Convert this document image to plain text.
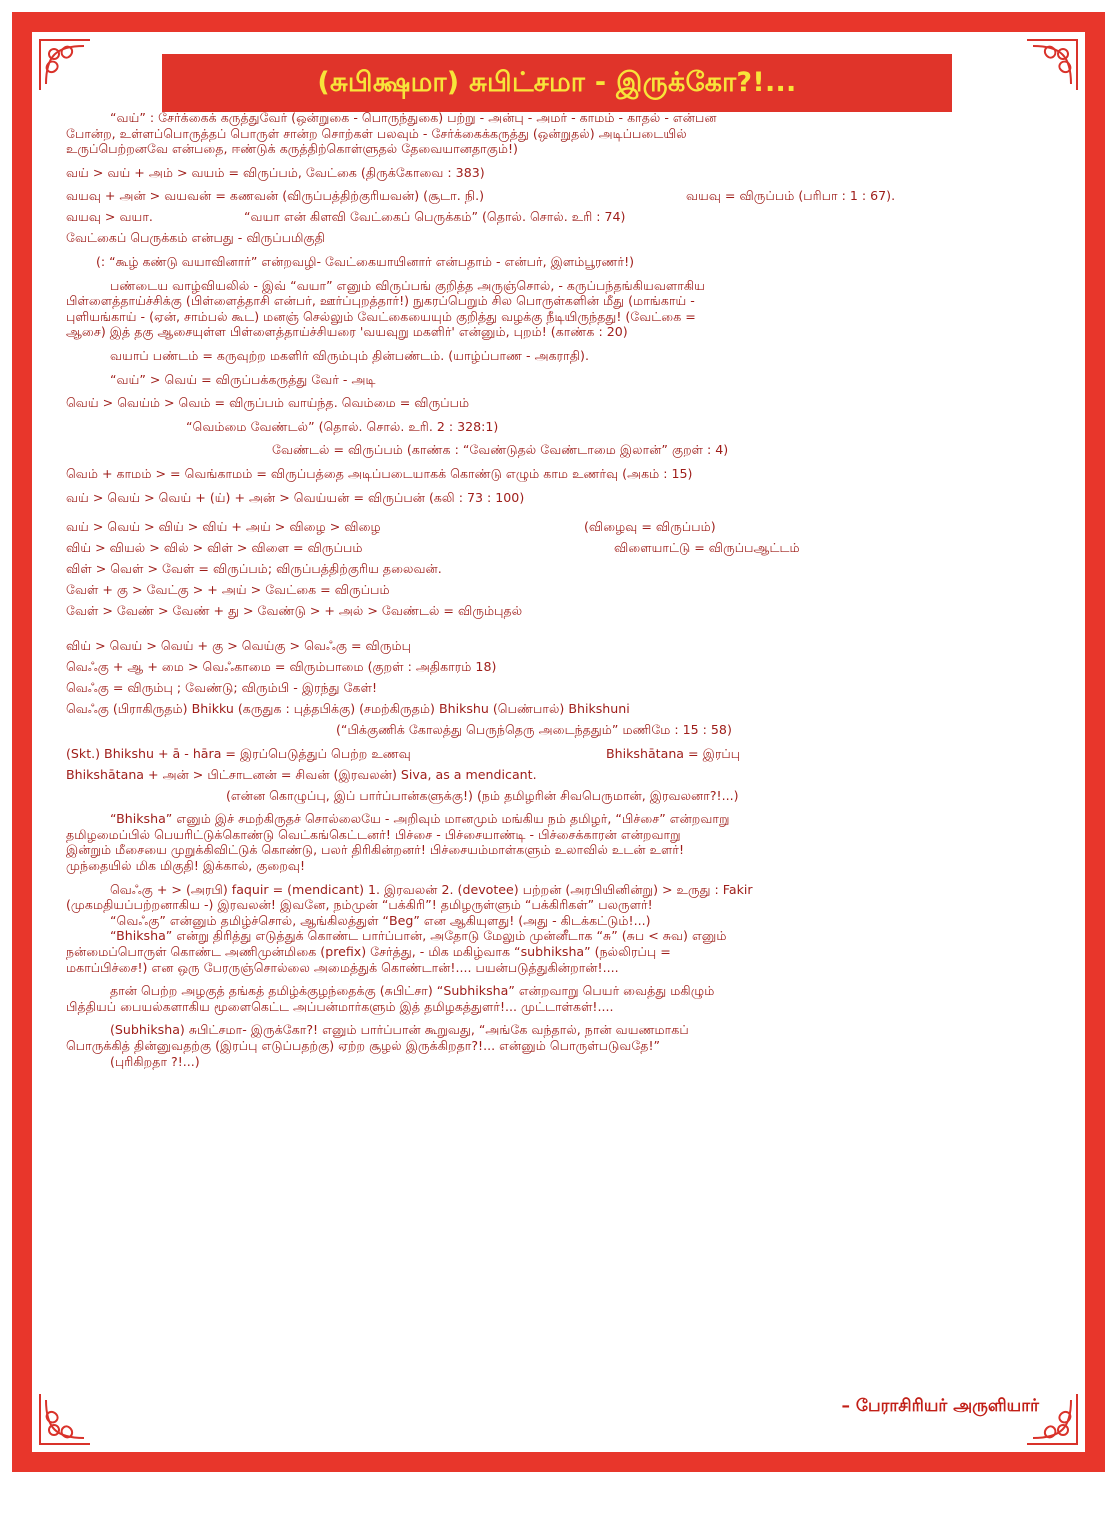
(சுபிக்ஷமா) சுபிட்சமா - இருக்கோ?!...

“வய்” : சேர்க்கைக் கருத்துவேர் (ஒன்றுகை - பொருந்துகை) பற்று - அன்பு - அமர் - காமம் - காதல் - என்பன

போன்ற, உள்ளப்பொருத்தப் பொருள் சான்ற சொற்கள் பலவும் - சேர்க்கைக்கருத்து (ஒன்றுதல்) அடிப்படையில்

உருப்பெற்றனவே என்பதை, ஈண்டுக் கருத்திற்கொள்ளுதல் தேவையானதாகும்!)

வய் > வய் + அம் > வயம் = விருப்பம், வேட்கை (திருக்கோவை : 383)

வயவு + அன் > வயவன் = கணவன் (விருப்பத்திற்குரியவன்) (சூடா. நி.)	வயவு = விருப்பம் (பரிபா : 1 : 67).
வயவு > வயா.	“வயா என் கிளவி வேட்கைப் பெருக்கம்” (தொல். சொல். உரி : 74)

வேட்கைப் பெருக்கம் என்பது - விருப்பமிகுதி

(: “கூழ் கண்டு வயாவினார்” என்றவழி- வேட்கையாயினார் என்பதாம் - என்பர், இளம்பூரணர்!)

பண்டைய வாழ்வியலில் - இவ் “வயா” எனும் விருப்பங் குறித்த அருஞ்சொல், - கருப்பந்தங்கியவளாகிய

பிள்ளைத்தாய்ச்சிக்கு (பிள்ளைத்தாசி என்பர், ஊர்ப்புறத்தார்!) நுகரப்பெறும் சில பொருள்களின் மீது (மாங்காய் -

புளியங்காய் - (ஏன், சாம்பல் கூட) மனஞ் செல்லும் வேட்கையையும் குறித்து வழக்கு நீடியிருந்தது! (வேட்கை =

ஆசை) இத் தகு ஆசையுள்ள பிள்ளைத்தாய்ச்சியரை 'வயவுறு மகளிர்' என்னும், புறம்! (காண்க : 20)

வயாப் பண்டம் = கருவுற்ற மகளிர் விரும்பும் தின்பண்டம். (யாழ்ப்பாண - அகராதி).

“வய்” > வெய் = விருப்பக்கருத்து வேர் - அடி

வெய் > வெய்ம் > வெம் = விருப்பம் வாய்ந்த. வெம்மை = விருப்பம்

“வெம்மை வேண்டல்” (தொல். சொல். உரி. 2 : 328:1)

வேண்டல் = விருப்பம் (காண்க : “வேண்டுதல் வேண்டாமை இலான்” குறள் : 4)

வெம் + காமம் > = வெங்காமம் = விருப்பத்தை அடிப்படையாகக் கொண்டு எழும் காம உணர்வு (அகம் : 15)

வய் > வெய் > வெய் + (ய்) + அன் > வெய்யன் = விருப்பன் (கலி : 73 : 100)

வய் > வெய் > விய் > விய் + அய் > விழை > விழை	(விழைவு = விருப்பம்)
விய் > வியல் > வில் > விள் > விளை = விருப்பம்	விளையாட்டு = விருப்பஆட்டம்
விள் > வெள் > வேள் = விருப்பம்; விருப்பத்திற்குரிய தலைவன்.
வேள் + கு > வேட்கு > + அய் > வேட்கை = விருப்பம்
வேள் > வேண் > வேண் + து > வேண்டு > + அல் > வேண்டல் = விரும்புதல்
விய் > வெய் > வெய் + கு > வெய்கு > வெஃகு = விரும்பு
வெஃகு + ஆ + மை > வெஃகாமை = விரும்பாமை (குறள் : அதிகாரம் 18)
வெஃகு = விரும்பு ; வேண்டு; விரும்பி - இரந்து கேள்!
வெஃகு (பிராகிருதம்) Bhikku (கருதுக : புத்தபிக்கு) (சமற்கிருதம்) Bhikshu (பெண்பால்) Bhikshuni

(“பிக்குணிக் கோலத்து பெருந்தெரு அடைந்ததும்” மணிமே : 15 : 58)

(Skt.) Bhikshu + ā - hāra = இரப்பெடுத்துப் பெற்ற உணவு	Bhikshātana = இரப்பு
Bhikshātana + அன் > பிட்சாடனன் = சிவன் (இரவலன்) Siva, as a mendicant.

(என்ன கொழுப்பு, இப் பார்ப்பான்களுக்கு!) (நம் தமிழரின் சிவபெருமான், இரவலனா?!...)

“Bhiksha” எனும் இச் சமற்கிருதச் சொல்லையே - அறிவும் மானமும் மங்கிய நம் தமிழர், “பிச்சை” என்றவாறு

தமிழமைப்பில் பெயரிட்டுக்கொண்டு வெட்கங்கெட்டனர்! பிச்சை - பிச்சையாண்டி - பிச்சைக்காரன் என்றவாறு

இன்றும் மீசையை முறுக்கிவிட்டுக் கொண்டு, பலர் திரிகின்றனர்! பிச்சையம்மாள்களும் உலாவில் உடன் உளர்!

முந்தையில் மிக மிகுதி! இக்கால், குறைவு!

வெஃகு + > (அரபி) faquir = (mendicant) 1. இரவலன் 2. (devotee) பற்றன் (அரபியினின்று) > உருது : Fakir

(முகமதியப்பற்றனாகிய -) இரவலன்! இவனே, நம்முன் “பக்கிரி”! தமிழருள்ளும் “பக்கிரிகள்” பலருளர்!

“வெஃகு” என்னும் தமிழ்ச்சொல், ஆங்கிலத்துள் “Beg” என ஆகியுளது! (அது - கிடக்கட்டும்!...)

“Bhiksha” என்று திரித்து எடுத்துக் கொண்ட பார்ப்பான், அதோடு மேலும் முன்னீடாக “சு” (சுப < சுவ) எனும்

நன்மைப்பொருள் கொண்ட அணிமுன்மிகை (prefix) சேர்த்து, - மிக மகிழ்வாக “subhiksha” (நல்லிரப்பு =

மகாப்பிச்சை!) என ஒரு பேரருஞ்சொல்லை அமைத்துக் கொண்டான்!.... பயன்படுத்துகின்றான்!....

தான் பெற்ற அழகுத் தங்கத் தமிழ்க்குழந்தைக்கு (சுபிட்சா) “Subhiksha” என்றவாறு பெயர் வைத்து மகிழும்

பித்தியப் பையல்களாகிய மூளைகெட்ட அப்பன்மார்களும் இத் தமிழகத்துளர்!... முட்டாள்கள்!....

(Subhiksha) சுபிட்சமா- இருக்கோ?! எனும் பார்ப்பான் கூறுவது, “அங்கே வந்தால், நான் வயணமாகப்

பொருக்கித் தின்னுவதற்கு (இரப்பு எடுப்பதற்கு) ஏற்ற சூழல் இருக்கிறதா?!... என்னும் பொருள்படுவதே!”

(புரிகிறதா ?!...)

– பேராசிரியர் அருளியார்
